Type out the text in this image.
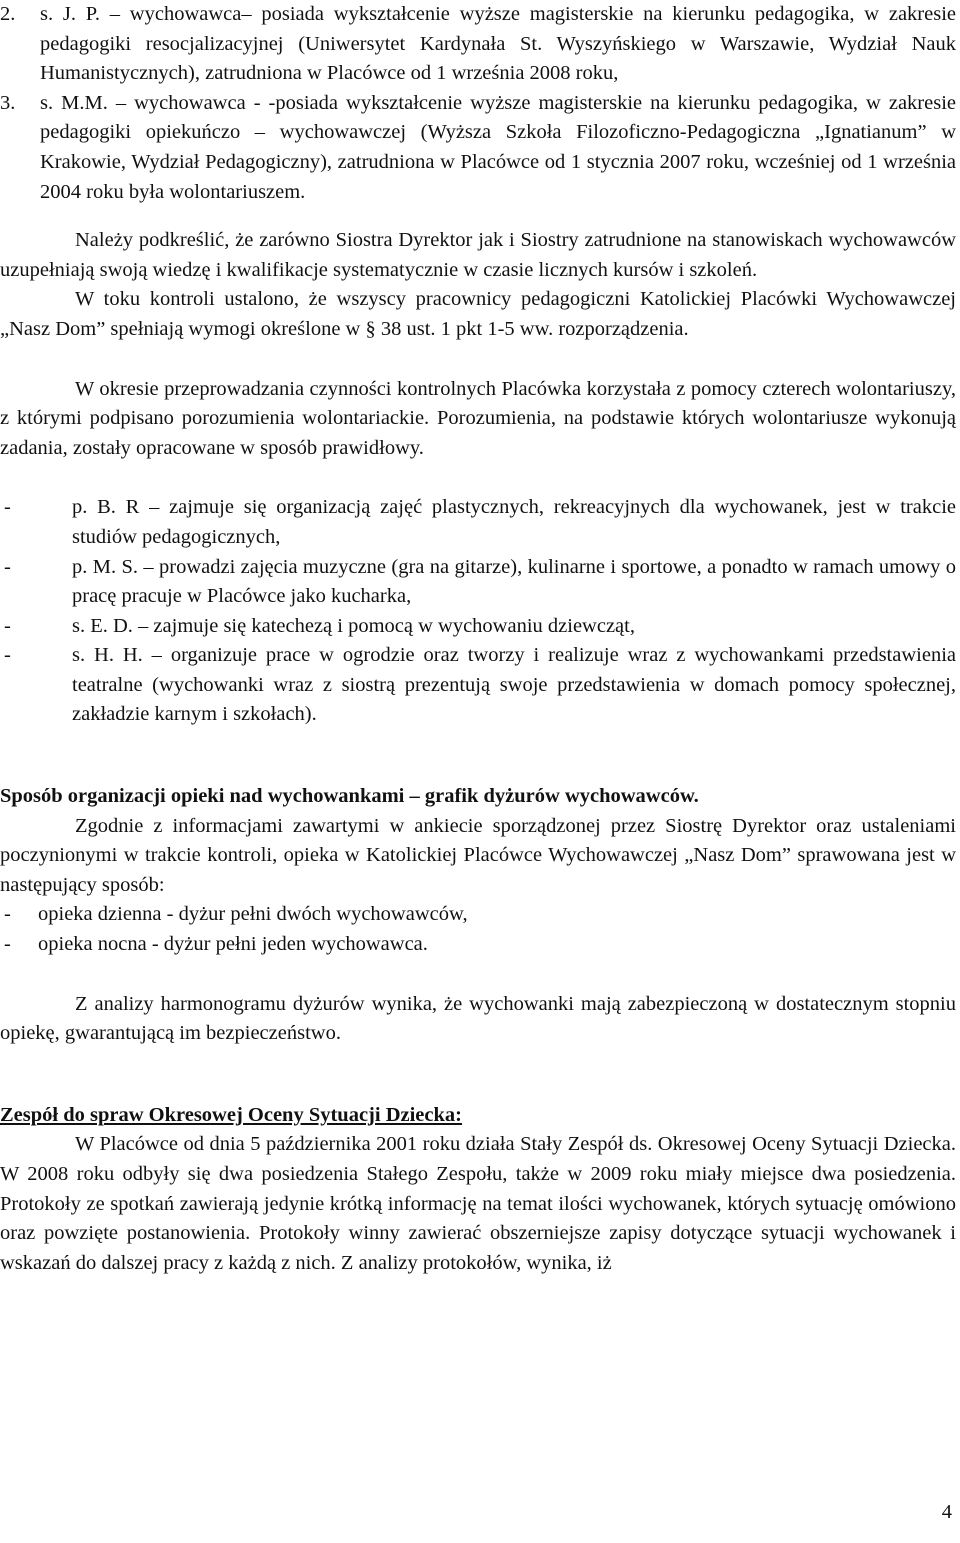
2. s. J. P. – wychowawca– posiada wykształcenie wyższe magisterskie na kierunku pedagogika, w zakresie pedagogiki resocjalizacyjnej (Uniwersytet Kardynała St. Wyszyńskiego w Warszawie, Wydział Nauk Humanistycznych), zatrudniona w Placówce od 1 września 2008 roku,
3. s. M.M. – wychowawca - -posiada wykształcenie wyższe magisterskie na kierunku pedagogika, w zakresie pedagogiki opiekuńczo – wychowawczej (Wyższa Szkoła Filozoficzno-Pedagogiczna „Ignatianum” w Krakowie, Wydział Pedagogiczny), zatrudniona w Placówce od 1 stycznia 2007 roku, wcześniej od 1 września 2004 roku była wolontariuszem.

Należy podkreślić, że zarówno Siostra Dyrektor jak i Siostry zatrudnione na stanowiskach wychowawców uzupełniają swoją wiedzę i kwalifikacje systematycznie w czasie licznych kursów i szkoleń.

W toku kontroli ustalono, że wszyscy pracownicy pedagogiczni Katolickiej Placówki Wychowawczej „Nasz Dom” spełniają wymogi określone w § 38 ust. 1 pkt 1-5 ww. rozporządzenia.

W okresie przeprowadzania czynności kontrolnych Placówka korzystała z pomocy czterech wolontariuszy, z którymi podpisano porozumienia wolontariackie. Porozumienia, na podstawie których wolontariusze wykonują zadania, zostały opracowane w sposób prawidłowy.

-	p. B. R – zajmuje się organizacją zajęć plastycznych, rekreacyjnych dla wychowanek, jest w trakcie studiów pedagogicznych,
-	p. M. S. – prowadzi zajęcia muzyczne (gra na gitarze), kulinarne i sportowe, a ponadto w ramach umowy o pracę pracuje w Placówce jako kucharka,
-	s. E. D. – zajmuje się katechezą i pomocą w wychowaniu dziewcząt,
-	s. H. H. – organizuje prace w ogrodzie oraz tworzy i realizuje wraz z wychowankami przedstawienia teatralne (wychowanki wraz z siostrą prezentują swoje przedstawienia w domach pomocy społecznej, zakładzie karnym i szkołach).

Sposób organizacji opieki nad wychowankami – grafik dyżurów wychowawców.

Zgodnie z informacjami zawartymi w ankiecie sporządzonej przez Siostrę Dyrektor oraz ustaleniami poczynionymi w trakcie kontroli, opieka w Katolickiej Placówce Wychowawczej „Nasz Dom” sprawowana jest w następujący sposób:

- opieka dzienna - dyżur pełni dwóch wychowawców,
- opieka nocna - dyżur pełni jeden wychowawca.

Z analizy harmonogramu dyżurów wynika, że wychowanki mają zabezpieczoną w dostatecznym stopniu opiekę, gwarantującą im bezpieczeństwo.

Zespół do spraw Okresowej Oceny Sytuacji Dziecka:

W Placówce od dnia 5 października 2001 roku działa Stały Zespół ds. Okresowej Oceny Sytuacji Dziecka. W 2008 roku odbyły się dwa posiedzenia Stałego Zespołu, także w 2009 roku miały miejsce dwa posiedzenia. Protokoły ze spotkań zawierają jedynie krótką informację na temat ilości wychowanek, których sytuację omówiono oraz powzięte postanowienia. Protokoły winny zawierać obszerniejsze zapisy dotyczące sytuacji wychowanek i wskazań do dalszej pracy z każdą z nich. Z analizy protokołów, wynika, iż

4
